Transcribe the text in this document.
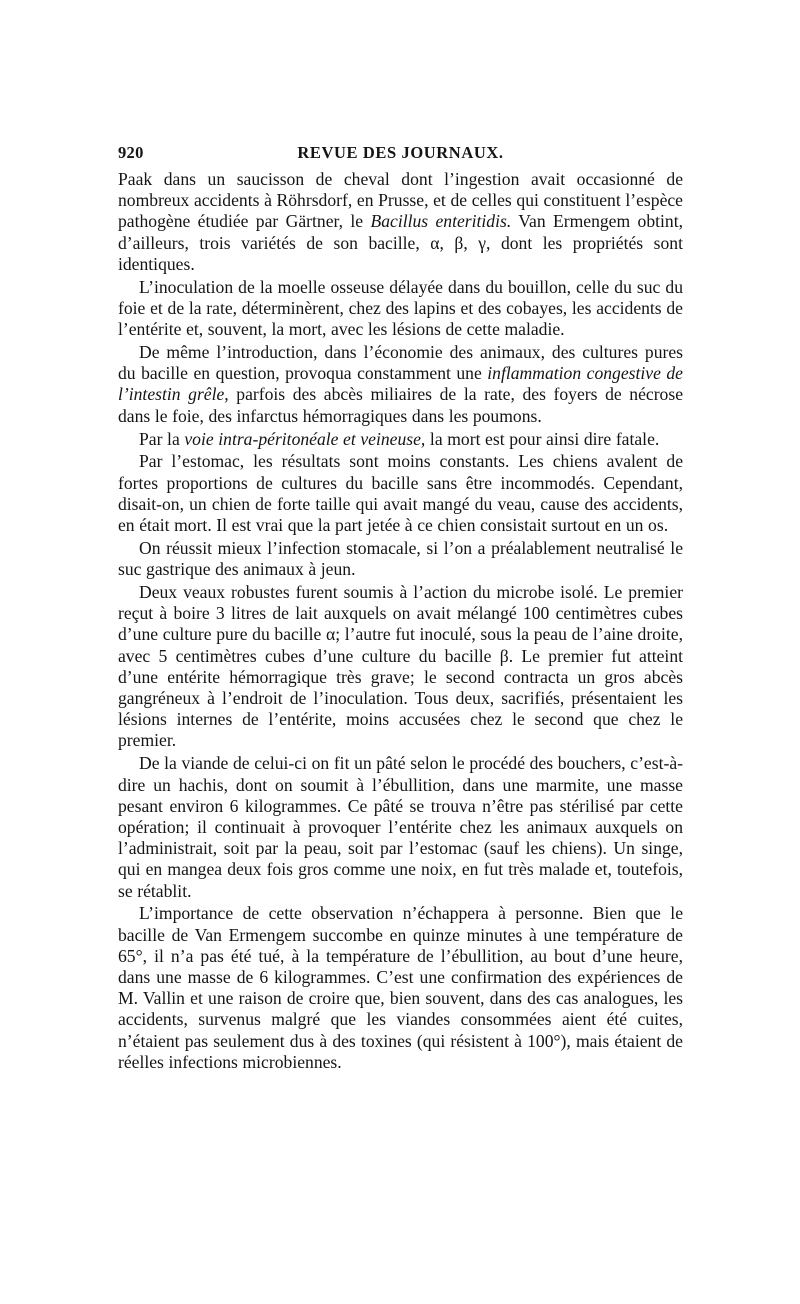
920	REVUE DES JOURNAUX.

Paak dans un saucisson de cheval dont l’ingestion avait occasionné de nombreux accidents à Röhrsdorf, en Prusse, et de celles qui constituent l’espèce pathogène étudiée par Gärtner, le Bacillus enteritidis. Van Ermengem obtint, d’ailleurs, trois variétés de son bacille, α, β, γ, dont les propriétés sont identiques.

L’inoculation de la moelle osseuse délayée dans du bouillon, celle du suc du foie et de la rate, déterminèrent, chez des lapins et des cobayes, les accidents de l’entérite et, souvent, la mort, avec les lésions de cette maladie.

De même l’introduction, dans l’économie des animaux, des cultures pures du bacille en question, provoqua constamment une inflammation congestive de l’intestin grêle, parfois des abcès miliaires de la rate, des foyers de nécrose dans le foie, des infarctus hémorragiques dans les poumons.

Par la voie intra-péritonéale et veineuse, la mort est pour ainsi dire fatale.

Par l’estomac, les résultats sont moins constants. Les chiens avalent de fortes proportions de cultures du bacille sans être incommodés. Cependant, disait-on, un chien de forte taille qui avait mangé du veau, cause des accidents, en était mort. Il est vrai que la part jetée à ce chien consistait surtout en un os.

On réussit mieux l’infection stomacale, si l’on a préalablement neutralisé le suc gastrique des animaux à jeun.

Deux veaux robustes furent soumis à l’action du microbe isolé. Le premier reçut à boire 3 litres de lait auxquels on avait mélangé 100 centimètres cubes d’une culture pure du bacille α; l’autre fut inoculé, sous la peau de l’aine droite, avec 5 centimètres cubes d’une culture du bacille β. Le premier fut atteint d’une entérite hémorragique très grave; le second contracta un gros abcès gangréneux à l’endroit de l’inoculation. Tous deux, sacrifiés, présentaient les lésions internes de l’entérite, moins accusées chez le second que chez le premier.

De la viande de celui-ci on fit un pâté selon le procédé des bouchers, c’est-à-dire un hachis, dont on soumit à l’ébullition, dans une marmite, une masse pesant environ 6 kilogrammes. Ce pâté se trouva n’être pas stérilisé par cette opération; il continuait à provoquer l’entérite chez les animaux auxquels on l’administrait, soit par la peau, soit par l’estomac (sauf les chiens). Un singe, qui en mangea deux fois gros comme une noix, en fut très malade et, toutefois, se rétablit.

L’importance de cette observation n’échappera à personne. Bien que le bacille de Van Ermengem succombe en quinze minutes à une température de 65°, il n’a pas été tué, à la température de l’ébullition, au bout d’une heure, dans une masse de 6 kilogrammes. C’est une confirmation des expériences de M. Vallin et une raison de croire que, bien souvent, dans des cas analogues, les accidents, survenus malgré que les viandes consommées aient été cuites, n’étaient pas seulement dus à des toxines (qui résistent à 100°), mais étaient de réelles infections microbiennes.
